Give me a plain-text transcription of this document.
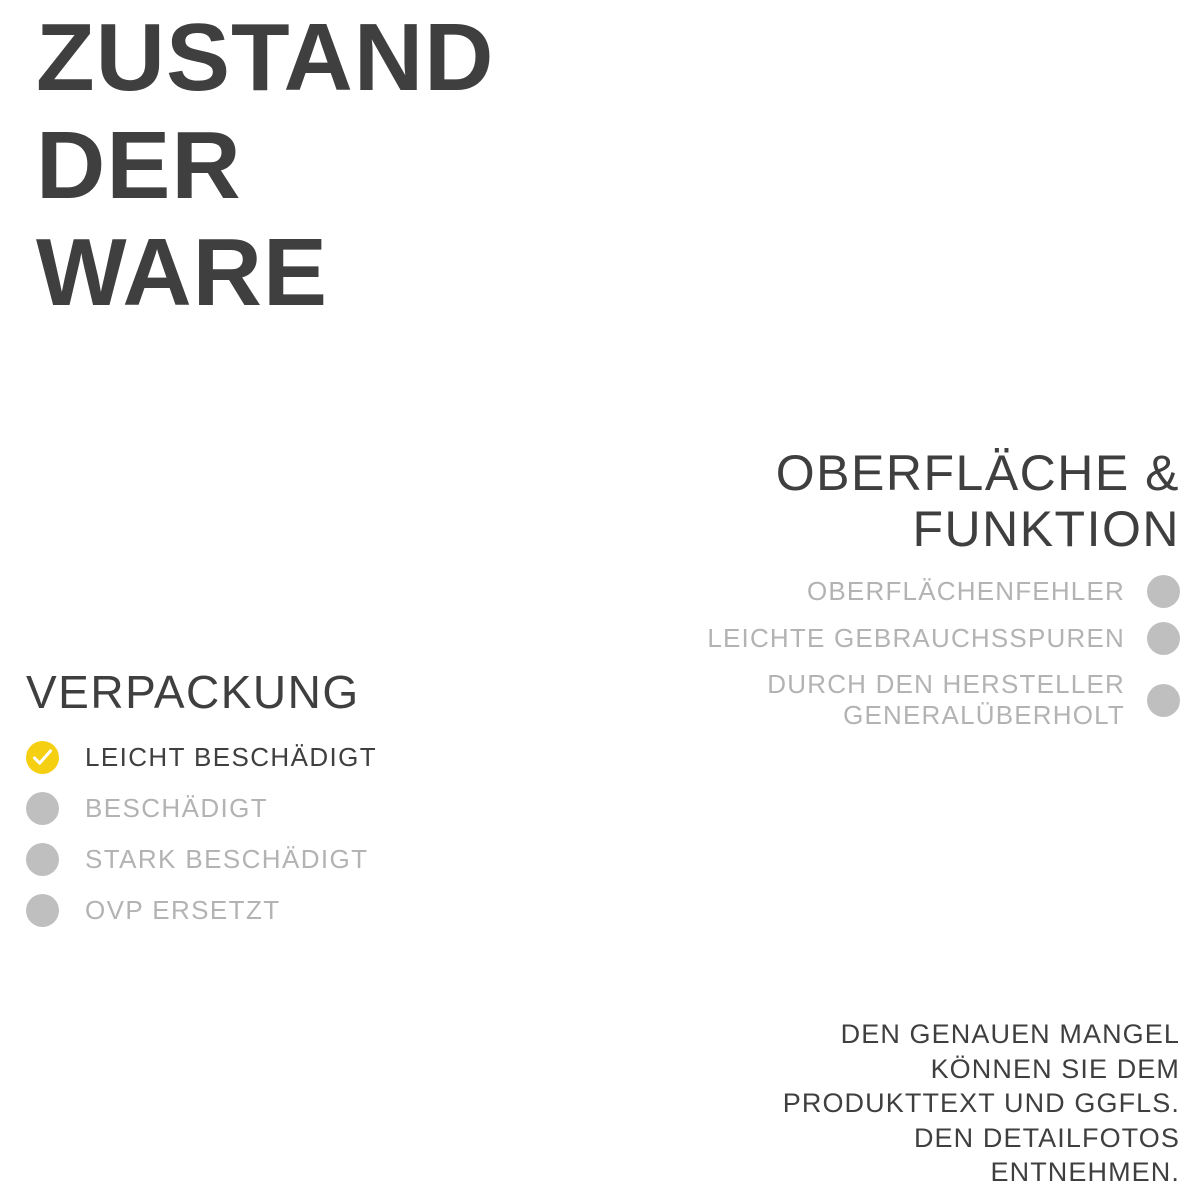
ZUSTAND
DER
WARE
OBERFLÄCHE &
FUNKTION
OBERFLÄCHENFEHLER
LEICHTE GEBRAUCHSSPUREN
DURCH DEN HERSTELLER GENERALÜBERHOLT
VERPACKUNG
LEICHT BESCHÄDIGT
BESCHÄDIGT
STARK BESCHÄDIGT
OVP ERSETZT
DEN GENAUEN MANGEL
KÖNNEN SIE DEM
PRODUKTTEXT UND GGFLS.
DEN DETAILFOTOS
ENTNEHMEN.
